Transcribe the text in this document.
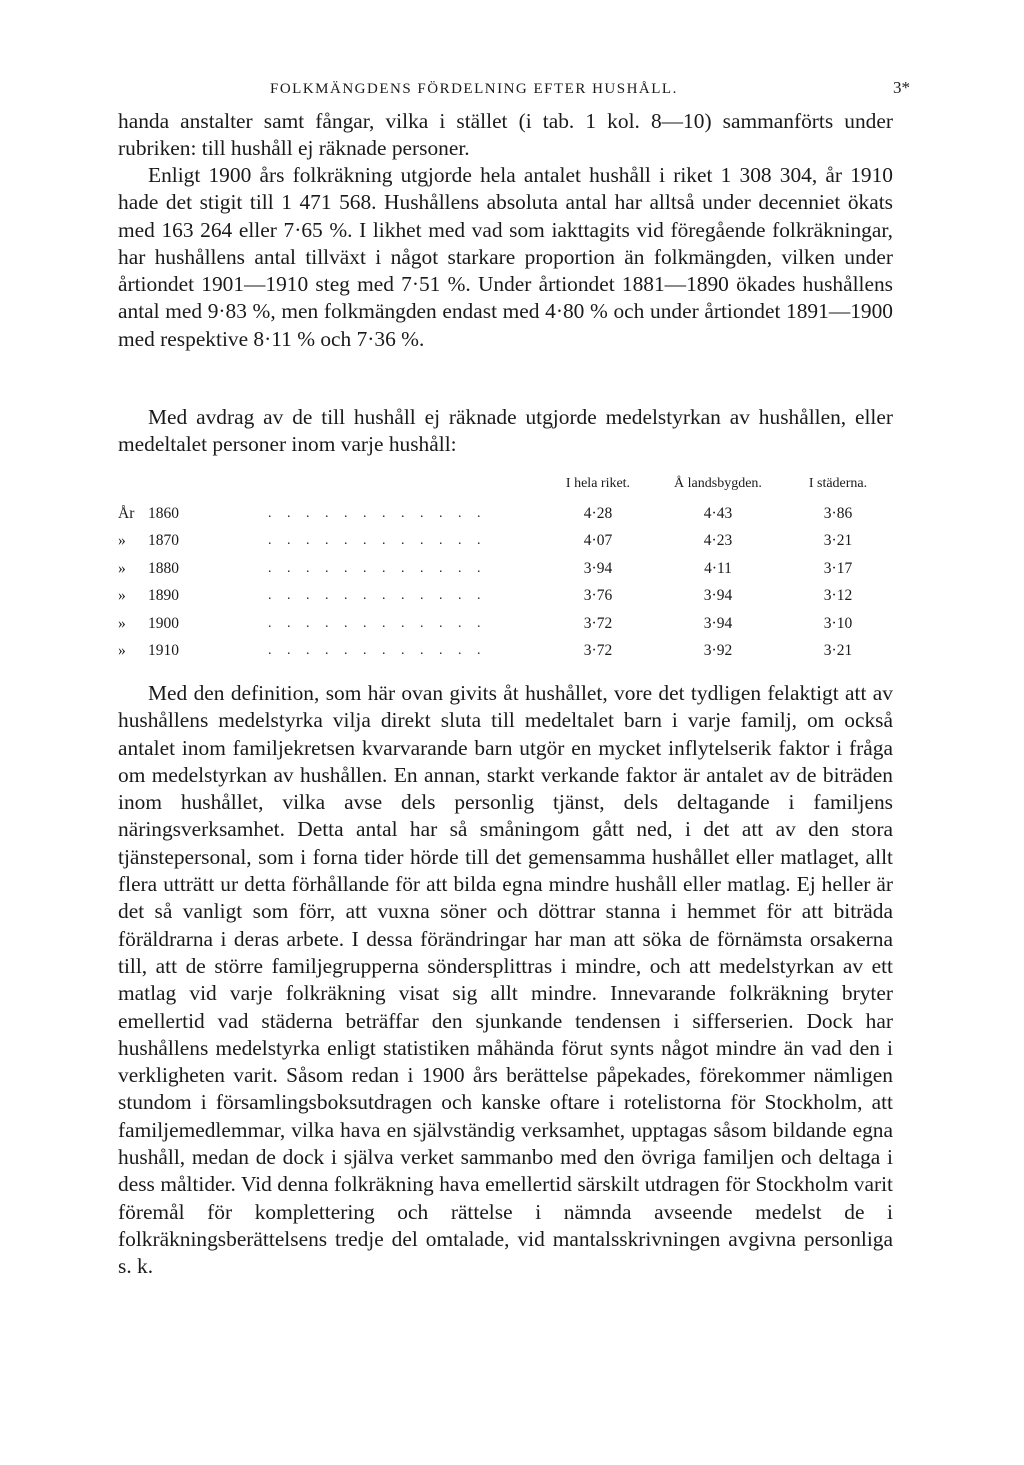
FOLKMÄNGDENS FÖRDELNING EFTER HUSHÅLL.	3*

handa anstalter samt fångar, vilka i stället (i tab. 1 kol. 8—10) sammanförts under rubriken: till hushåll ej räknade personer.

Enligt 1900 års folkräkning utgjorde hela antalet hushåll i riket 1 308 304, år 1910 hade det stigit till 1 471 568. Hushållens absoluta antal har alltså under decenniet ökats med 163 264 eller 7·65 %. I likhet med vad som iakttagits vid föregående folkräkningar, har hushållens antal tillväxt i något starkare proportion än folkmängden, vilken under årtiondet 1901—1910 steg med 7·51 %. Under årtiondet 1881—1890 ökades hushållens antal med 9·83 %, men folkmängden endast med 4·80 % och under årtiondet 1891—1900 med respektive 8·11 % och 7·36 %.

Med avdrag av de till hushåll ej räknade utgjorde medelstyrkan av hushållen, eller medeltalet personer inom varje hushåll:

		I hela riket.	Å landsbygden.	I städerna.
År 1860	. . . . . . . . . . . .	4·28	4·43	3·86
» 1870	. . . . . . . . . . . .	4·07	4·23	3·21
» 1880	. . . . . . . . . . . .	3·94	4·11	3·17
» 1890	. . . . . . . . . . . .	3·76	3·94	3·12
» 1900	. . . . . . . . . . . .	3·72	3·94	3·10
» 1910	. . . . . . . . . . . .	3·72	3·92	3·21

Med den definition, som här ovan givits åt hushållet, vore det tydligen felaktigt att av hushållens medelstyrka vilja direkt sluta till medeltalet barn i varje familj, om också antalet inom familjekretsen kvarvarande barn utgör en mycket inflytelserik faktor i fråga om medelstyrkan av hushållen. En annan, starkt verkande faktor är antalet av de biträden inom hushållet, vilka avse dels personlig tjänst, dels deltagande i familjens näringsverksamhet. Detta antal har så småningom gått ned, i det att av den stora tjänstepersonal, som i forna tider hörde till det gemensamma hushållet eller matlaget, allt flera utträtt ur detta förhållande för att bilda egna mindre hushåll eller matlag. Ej heller är det så vanligt som förr, att vuxna söner och döttrar stanna i hemmet för att biträda föräldrarna i deras arbete. I dessa förändringar har man att söka de förnämsta orsakerna till, att de större familjegrupperna söndersplittras i mindre, och att medelstyrkan av ett matlag vid varje folkräkning visat sig allt mindre. Innevarande folkräkning bryter emellertid vad städerna beträffar den sjunkande tendensen i sifferserien. Dock har hushållens medelstyrka enligt statistiken måhända förut synts något mindre än vad den i verkligheten varit. Såsom redan i 1900 års berättelse påpekades, förekommer nämligen stundom i församlingsboksutdragen och kanske oftare i rotelistorna för Stockholm, att familjemedlemmar, vilka hava en självständig verksamhet, upptagas såsom bildande egna hushåll, medan de dock i själva verket sammanbo med den övriga familjen och deltaga i dess måltider. Vid denna folkräkning hava emellertid särskilt utdragen för Stockholm varit föremål för komplettering och rättelse i nämnda avseende medelst de i folkräkningsberättelsens tredje del omtalade, vid mantalsskrivningen avgivna personliga s. k.
